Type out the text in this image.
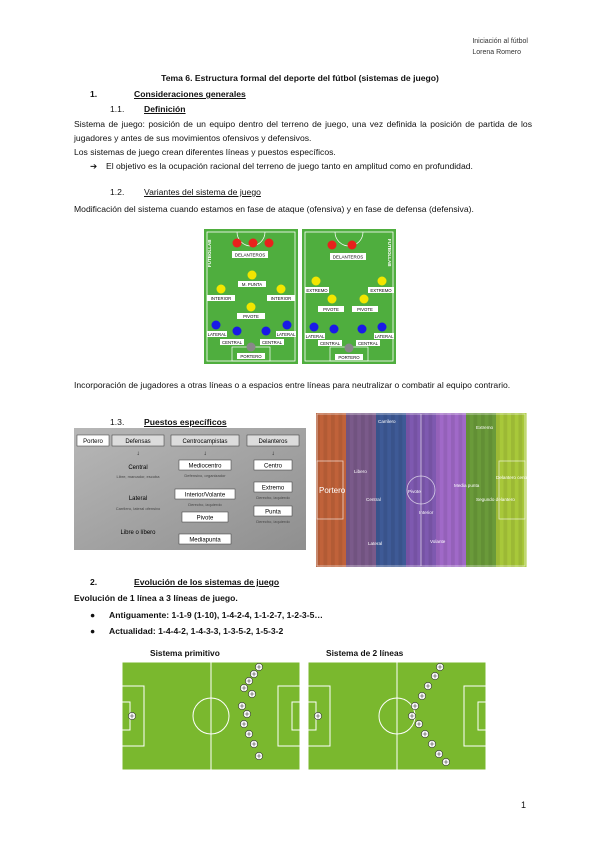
Iniciación al fútbol
Lorena Romero
Tema 6. Estructura formal del deporte del fútbol (sistemas de juego)
1.	Consideraciones generales
1.1. Definición
Sistema de juego: posición de un equipo dentro del terreno de juego, una vez definida la posición de partida de los jugadores y antes de sus movimientos ofensivos y defensivos.
Los sistemas de juego crean diferentes líneas y puestos específicos.
➔ El objetivo es la ocupación racional del terreno de juego tanto en amplitud como en profundidad.
1.2. Variantes del sistema de juego
Modificación del sistema cuando estamos en fase de ataque (ofensiva) y en fase de defensa (defensiva).
FUTBOLLAB	DELANTEROS
M. PUNTA
INTERIOR	INTERIOR
PIVOTE
LATERAL	LATERAL
CENTRAL	CENTRAL
PORTERO
FUTBOLLAB
DELANTEROS
EXTREMO	EXTREMO
PIVOTE	PIVOTE
LATERAL	LATERAL
CENTRAL	CENTRAL
PORTERO
Incorporación de jugadores a otras líneas o a espacios entre líneas para neutralizar o combatir al equipo contrario.
1.3. Puestos específicos
Portero	Defensas	Centrocampistas	Delanteros
↓	↓	↓
Central
Libre, marcador, escoba
Lateral
Carrilero, lateral ofensivo
Libre o líbero
Mediocentro
Defensivo, organizador
Interior/Volante
Derecho, izquierdo
Pivote
Mediapunta
Centro
Extremo
Derecho, izquierdo
Punta
Derecho, izquierdo
Portero
Libero
Central
Lateral
Carrilero
Pivote
Interior
Volante
Media punta
Extremo
Delantero centro
Segundo delantero
2.	Evolución de los sistemas de juego
Evolución de 1 línea a 3 líneas de juego.
● Antiguamente: 1-1-9 (1-10), 1-4-2-4, 1-1-2-7, 1-2-3-5…
● Actualidad: 1-4-4-2, 1-4-3-3, 1-3-5-2, 1-5-3-2
Sistema primitivo	Sistema de 2 líneas
1
